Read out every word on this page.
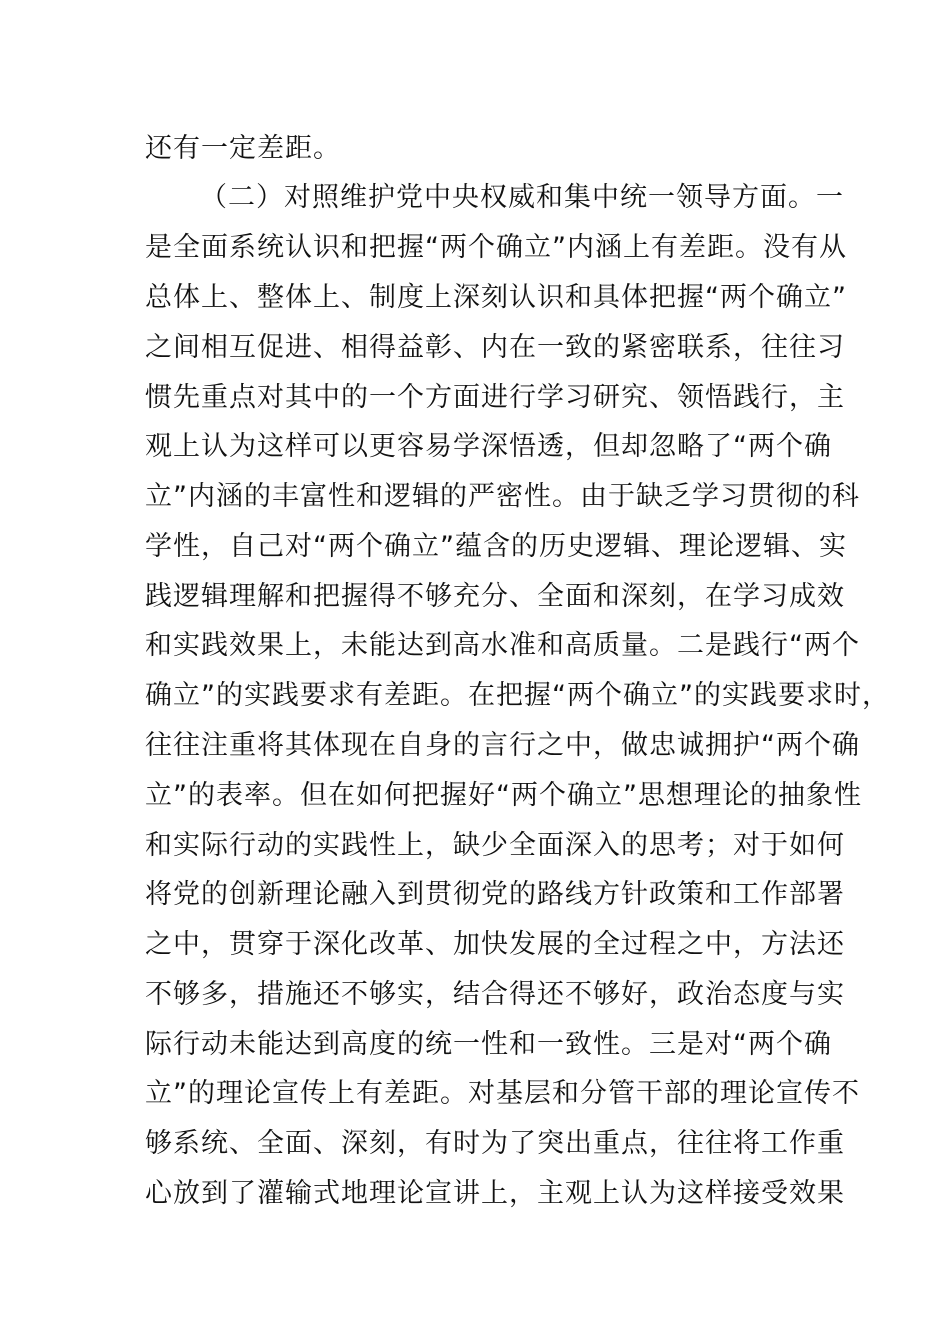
还有一定差距。

（二）对照维护党中央权威和集中统一领导方面。一

是全面系统认识和把握“两个确立”内涵上有差距。没有从

总体上、整体上、制度上深刻认识和具体把握“两个确立”

之间相互促进、相得益彰、内在一致的紧密联系，往往习

惯先重点对其中的一个方面进行学习研究、领悟践行，主

观上认为这样可以更容易学深悟透，但却忽略了“两个确

立”内涵的丰富性和逻辑的严密性。由于缺乏学习贯彻的科

学性，自己对“两个确立”蕴含的历史逻辑、理论逻辑、实

践逻辑理解和把握得不够充分、全面和深刻，在学习成效

和实践效果上，未能达到高水准和高质量。二是践行“两个

确立”的实践要求有差距。在把握“两个确立”的实践要求时，

往往注重将其体现在自身的言行之中，做忠诚拥护“两个确

立”的表率。但在如何把握好“两个确立”思想理论的抽象性

和实际行动的实践性上，缺少全面深入的思考；对于如何

将党的创新理论融入到贯彻党的路线方针政策和工作部署

之中，贯穿于深化改革、加快发展的全过程之中，方法还

不够多，措施还不够实，结合得还不够好，政治态度与实

际行动未能达到高度的统一性和一致性。三是对“两个确

立”的理论宣传上有差距。对基层和分管干部的理论宣传不

够系统、全面、深刻，有时为了突出重点，往往将工作重

心放到了灌输式地理论宣讲上，主观上认为这样接受效果
